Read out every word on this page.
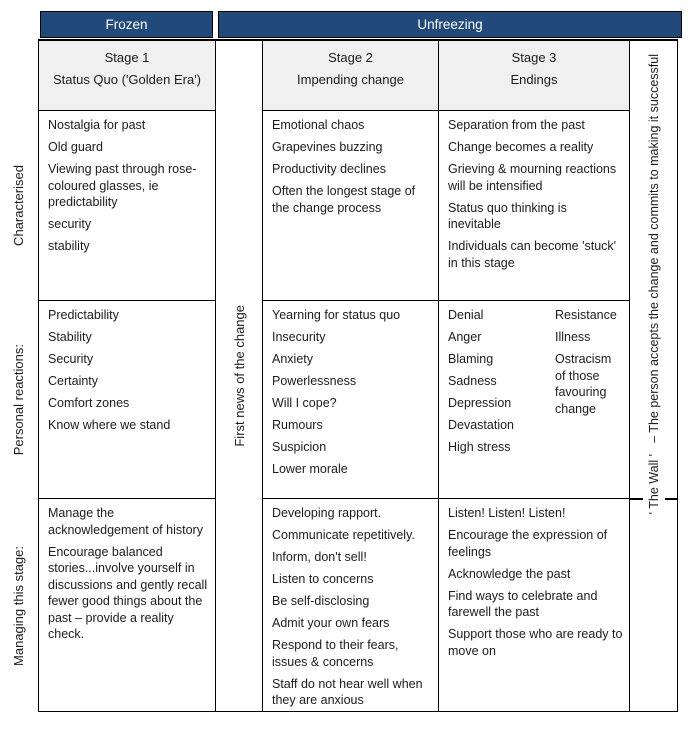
Frozen	Unfreezing
Characterised
Personal reactions:
Managing this stage:
Stage 1
Status Quo ('Golden Era')
First news of the change
Stage 2
Impending change
Stage 3
Endings	– The person accepts the change and commits to making it successful
' The Wall '

Nostalgia for past

Old guard

Viewing past through rose-coloured glasses, ie predictability

security

stability

Emotional chaos

Grapevines buzzing

Productivity declines

Often the longest stage of the change process

Separation from the past

Change becomes a reality

Grieving & mourning reactions will be intensified

Status quo thinking is inevitable

Individuals can become 'stuck' in this stage

Predictability

Stability

Security

Certainty

Comfort zones

Know where we stand

Yearning for status quo

Insecurity

Anxiety

Powerlessness

Will I cope?

Rumours

Suspicion

Lower morale

Denial

Anger

Blaming

Sadness

Depression

Devastation

High stress

Resistance

Illness

Ostracism of those favouring change

Manage the acknowledgement of history

Encourage balanced stories...involve yourself in discussions and gently recall fewer good things about the past – provide a reality check.

Developing rapport.

Communicate repetitively.

Inform, don't sell!

Listen to concerns

Be self-disclosing

Admit your own fears

Respond to their fears, issues & concerns

Staff do not hear well when they are anxious

Listen! Listen! Listen!

Encourage the expression of feelings

Acknowledge the past

Find ways to celebrate and farewell the past

Support those who are ready to move on
